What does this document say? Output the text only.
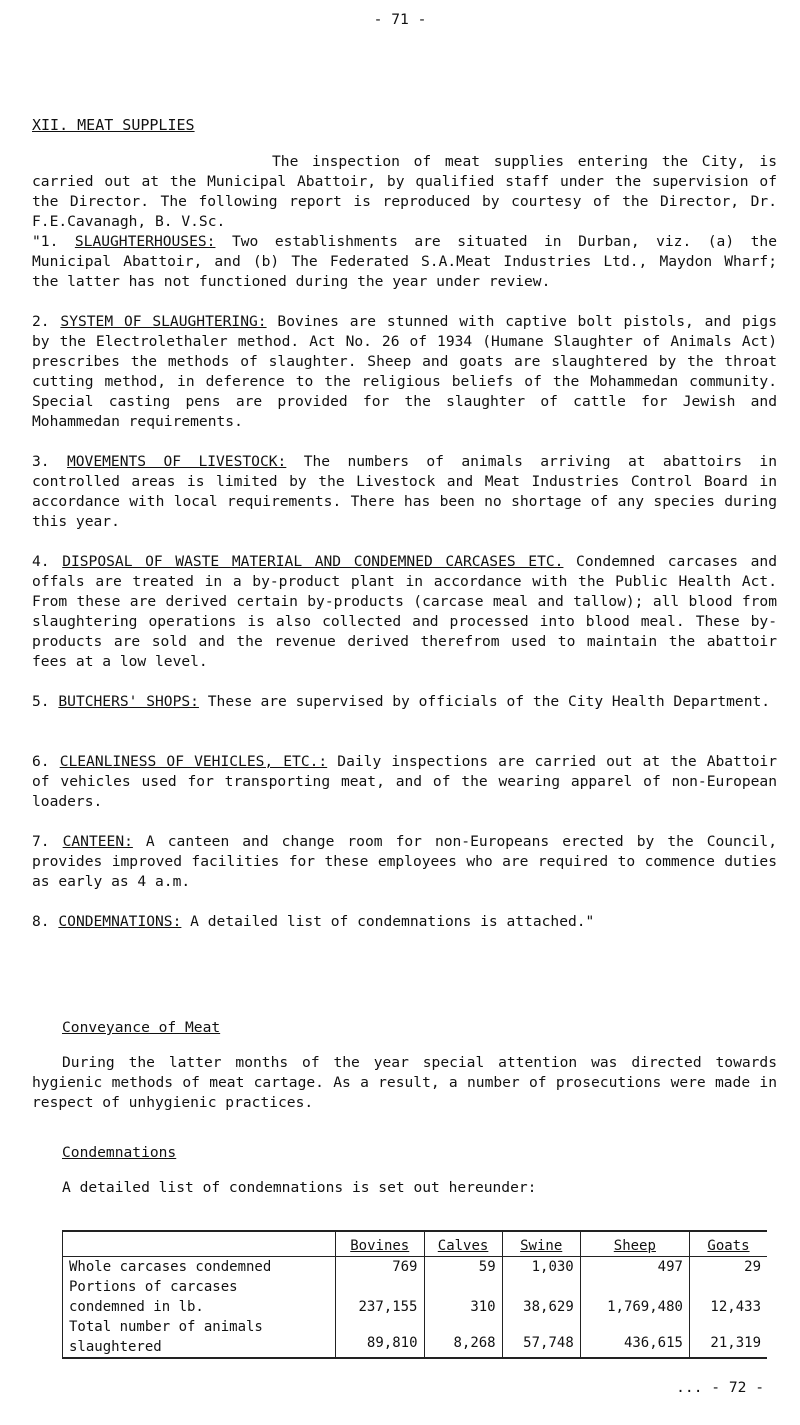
- 71 -
XII. MEAT SUPPLIES

The inspection of meat supplies entering the City, is carried out at the Municipal Abattoir, by qualified staff under the supervision of the Director. The following report is reproduced by courtesy of the Director, Dr. F.E.Cavanagh, B. V.Sc.

"1. SLAUGHTERHOUSES: Two establishments are situated in Durban, viz. (a) the Municipal Abattoir, and (b) The Federated S.A.Meat Industries Ltd., Maydon Wharf; the latter has not functioned during the year under review.

2. SYSTEM OF SLAUGHTERING: Bovines are stunned with captive bolt pistols, and pigs by the Electrolethaler method. Act No. 26 of 1934 (Humane Slaughter of Animals Act) prescribes the methods of slaughter. Sheep and goats are slaughtered by the throat cutting method, in deference to the religious beliefs of the Mohammedan community. Special casting pens are provided for the slaughter of cattle for Jewish and Mohammedan requirements.

3. MOVEMENTS OF LIVESTOCK: The numbers of animals arriving at abattoirs in controlled areas is limited by the Livestock and Meat Industries Control Board in accordance with local requirements. There has been no shortage of any species during this year.

4. DISPOSAL OF WASTE MATERIAL AND CONDEMNED CARCASES ETC. Condemned carcases and offals are treated in a by-product plant in accordance with the Public Health Act. From these are derived certain by-products (carcase meal and tallow); all blood from slaughtering operations is also collected and processed into blood meal. These by-products are sold and the revenue derived therefrom used to maintain the abattoir fees at a low level.

5. BUTCHERS' SHOPS: These are supervised by officials of the City Health Department.

6. CLEANLINESS OF VEHICLES, ETC.: Daily inspections are carried out at the Abattoir of vehicles used for transporting meat, and of the wearing apparel of non-European loaders.

7. CANTEEN: A canteen and change room for non-Europeans erected by the Council, provides improved facilities for these employees who are required to commence duties as early as 4 a.m.

8. CONDEMNATIONS: A detailed list of condemnations is attached."

Conveyance of Meat

During the latter months of the year special attention was directed towards hygienic methods of meat cartage. As a result, a number of prosecutions were made in respect of unhygienic practices.

Condemnations
A detailed list of condemnations is set out hereunder:
	Bovines	Calves	Swine	Sheep	Goats

Whole carcases condemned	769	59	1,030	497	29

Portions of carcases
condemned in lb.	237,155	310	38,629	1,769,480	12,433

Total number of animals
slaughtered	89,810	8,268	57,748	436,615	21,319
... - 72 -
